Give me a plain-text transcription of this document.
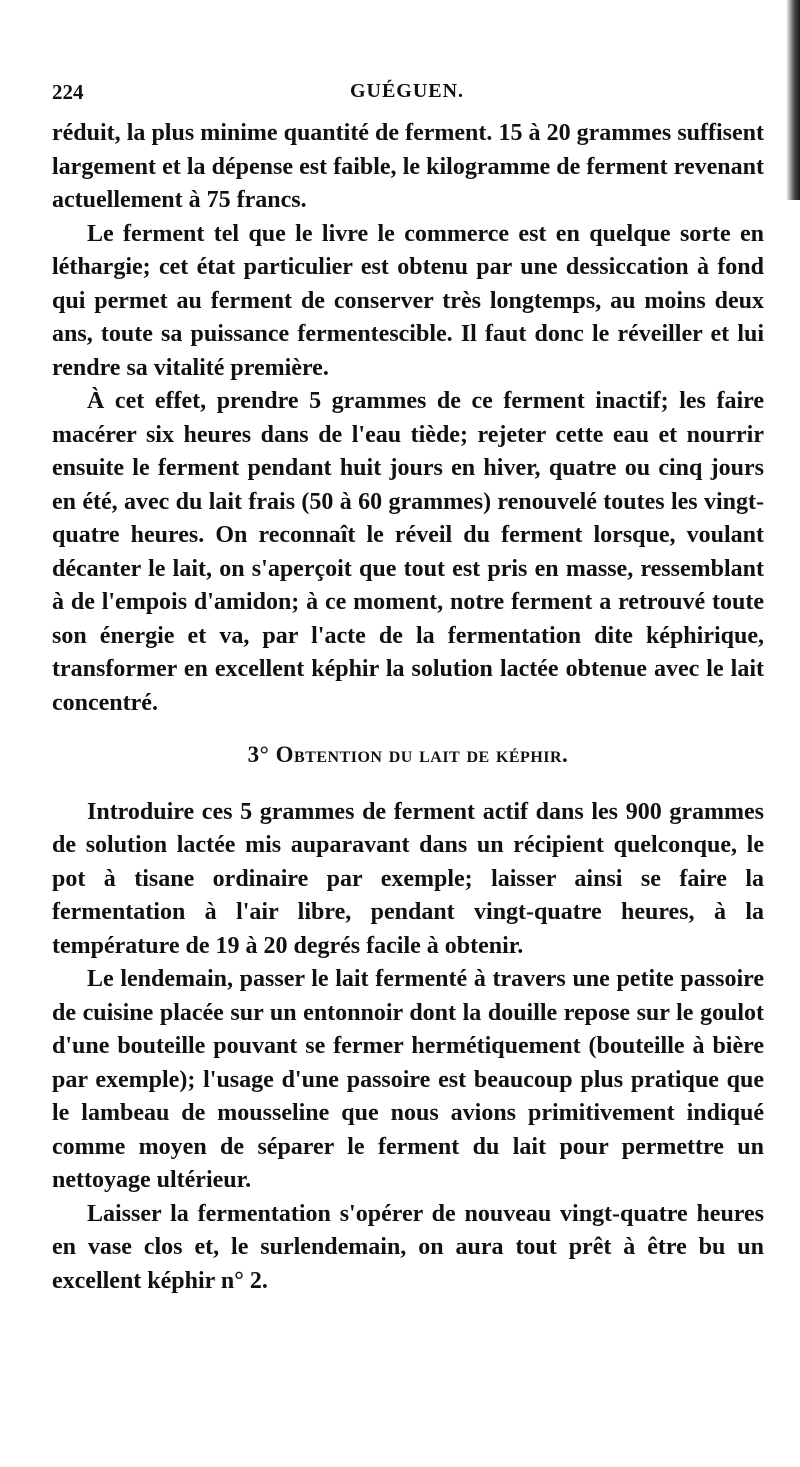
224	GUÉGUEN.

réduit, la plus minime quantité de ferment. 15 à 20 grammes suffisent largement et la dépense est faible, le kilogramme de ferment revenant actuellement à 75 francs.

Le ferment tel que le livre le commerce est en quelque sorte en léthargie; cet état particulier est obtenu par une dessiccation à fond qui permet au ferment de conserver très longtemps, au moins deux ans, toute sa puissance fermentescible. Il faut donc le réveiller et lui rendre sa vitalité première.

À cet effet, prendre 5 grammes de ce ferment inactif; les faire macérer six heures dans de l'eau tiède; rejeter cette eau et nourrir ensuite le ferment pendant huit jours en hiver, quatre ou cinq jours en été, avec du lait frais (50 à 60 grammes) renouvelé toutes les vingt-quatre heures. On reconnaît le réveil du ferment lorsque, voulant décanter le lait, on s'aperçoit que tout est pris en masse, ressemblant à de l'empois d'amidon; à ce moment, notre ferment a retrouvé toute son énergie et va, par l'acte de la fermentation dite képhirique, transformer en excellent képhir la solution lactée obtenue avec le lait concentré.

3° Obtention du lait de képhir.

Introduire ces 5 grammes de ferment actif dans les 900 grammes de solution lactée mis auparavant dans un récipient quelconque, le pot à tisane ordinaire par exemple; laisser ainsi se faire la fermentation à l'air libre, pendant vingt-quatre heures, à la température de 19 à 20 degrés facile à obtenir.

Le lendemain, passer le lait fermenté à travers une petite passoire de cuisine placée sur un entonnoir dont la douille repose sur le goulot d'une bouteille pouvant se fermer hermétiquement (bouteille à bière par exemple); l'usage d'une passoire est beaucoup plus pratique que le lambeau de mousseline que nous avions primitivement indiqué comme moyen de séparer le ferment du lait pour permettre un nettoyage ultérieur.

Laisser la fermentation s'opérer de nouveau vingt-quatre heures en vase clos et, le surlendemain, on aura tout prêt à être bu un excellent képhir n° 2.
